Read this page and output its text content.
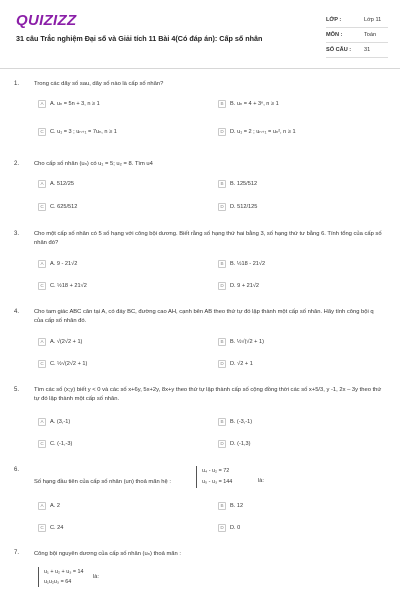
QUIZIZZ
31 câu Trắc nghiệm Đại số và Giải tích 11 Bài 4(Có đáp án): Cấp số nhân
LỚP :	Lớp 11
MÔN :	Toán
SỐ CÂU : 31
1.	Trong các dãy số sau, dãy số nào là cấp số nhân?
A	A. uₙ = 5n + 3, n ≥ 1	B	B. uₙ = 4 + 3ⁿ, n ≥ 1
C	C. u₁ = 3 ; uₙ₊₁ = 7uₙ, n ≥ 1	D	D. u₁ = 2 ; uₙ₊₁ = uₙ², n ≥ 1
2.	Cho cấp số nhân (uₙ) có u₁ = 5; u₂ = 8. Tìm u4
A	A. 512/25	B	B. 125/512
C	C. 625/512	D	D. 512/125
3.	Cho một cấp số nhân có 5 số hạng với công bội dương. Biết rằng số hạng thứ hai bằng 3, số hạng thứ tư bằng 6. Tính tổng của cấp số nhân đó?
A	A. 9 - 21√2	B	B. ½18 - 21√2
C	C. ½18 + 21√2	D	D. 9 + 21√2
4.	Cho tam giác ABC cân tại A, có đáy BC, đường cao AH, cạnh bên AB theo thứ tự đó lập thành một cấp số nhân. Hãy tính công bội q của cấp số nhân đó.
A	A. √(2√2 + 1)	B	B. ½√(√2 + 1)
C	C. ½√(2√2 + 1)	D	D. √2 + 1
5.	Tìm các số (x;y) biết y < 0 và các số x+6y, 5x+2y, 8x+y theo thứ tự lập thành cấp số cộng đồng thời các số x+5/3, y -1, 2x – 3y theo thứ tự đó lập thành một cấp số nhân.
A	A. (3,-1)	B	B. (-3,-1)
C	C. (-1,-3)	D	D. (-1,3)
6.
Số hạng đầu tiên của cấp số nhân (un) thoả mãn hệ :
u₄ - u₂ = 72
u₅ - u₃ = 144	là:
A	A. 2	B	B. 12
C	C. 24	D	D. 0
7.	Công bội nguyên dương của cấp số nhân (uₙ) thoả mãn :
u₁ + u₂ + u₃ = 14
u₁u₂u₃ = 64
là:
